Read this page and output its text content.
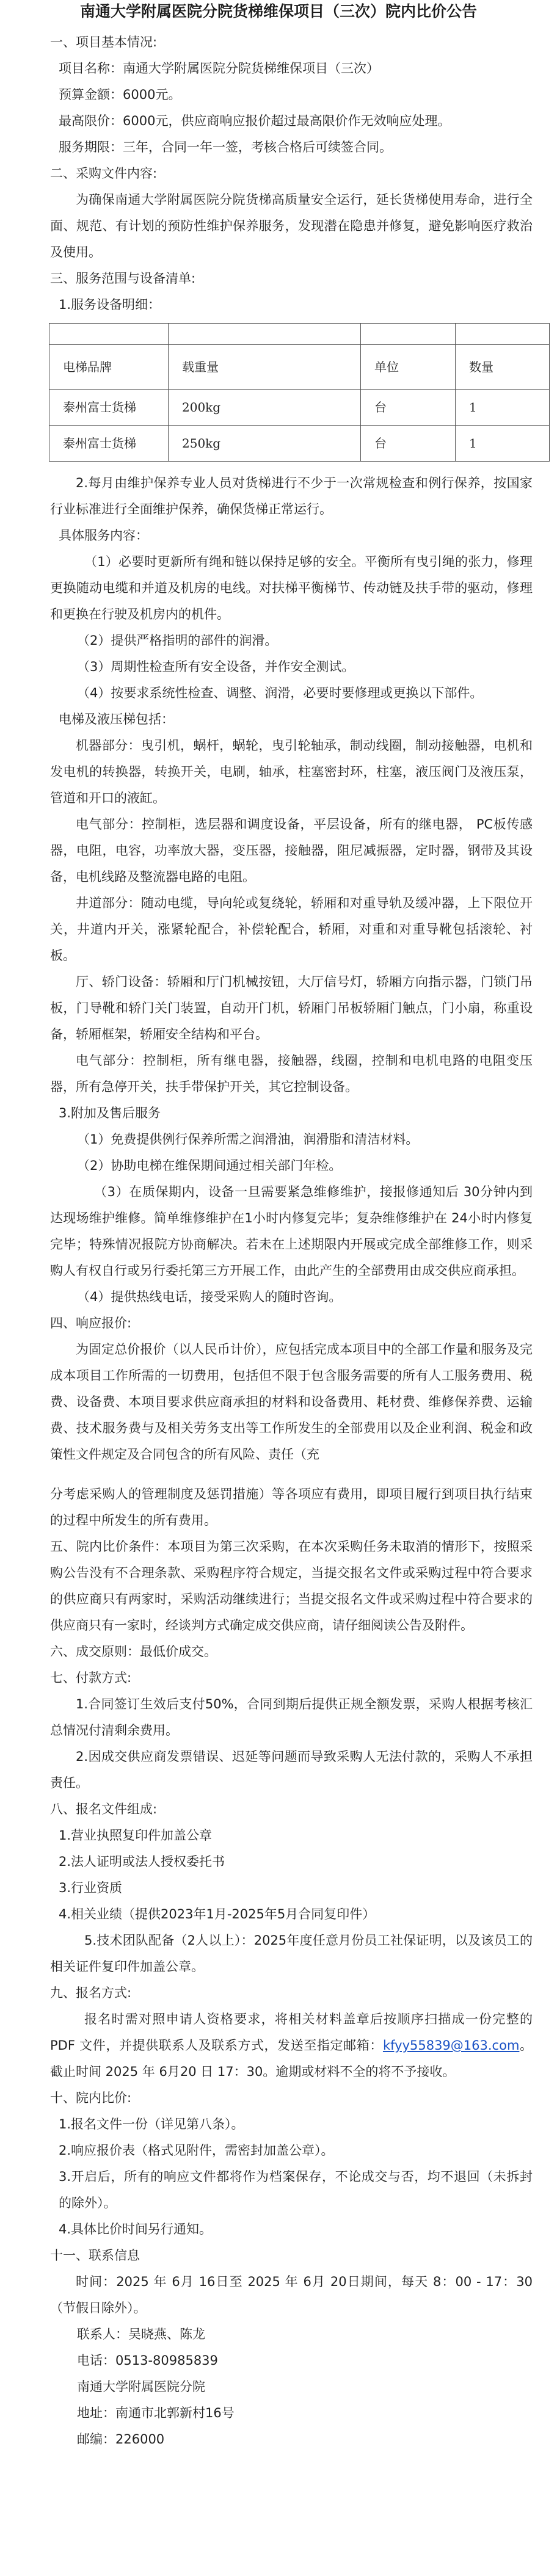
南通大学附属医院分院货梯维保项目（三次）院内比价公告

一、项目基本情况:

项目名称：南通大学附属医院分院货梯维保项目（三次）

预算金额：6000元。

最高限价：6000元，供应商响应报价超过最高限价作无效响应处理。

服务期限：三年，合同一年一签，考核合格后可续签合同。

二、采购文件内容:

为确保南通大学附属医院分院货梯高质量安全运行，延长货梯使用寿命，进行全面、规范、有计划的预防性维护保养服务，发现潜在隐患并修复，避免影响医疗救治及使用。

三、服务范围与设备清单:

1.服务设备明细：

电梯品牌	载重量	单位	数量
泰州富士货梯	200kg	台	1
泰州富士货梯	250kg	台	1

2.每月由维护保养专业人员对货梯进行不少于一次常规检查和例行保养，按国家行业标准进行全面维护保养，确保货梯正常运行。

具体服务内容：

（1）必要时更新所有绳和链以保持足够的安全。平衡所有曳引绳的张力，修理更换随动电缆和并道及机房的电线。对扶梯平衡梯节、传动链及扶手带的驱动，修理和更换在行驶及机房内的机件。

（2）提供严格指明的部件的润滑。

（3）周期性检查所有安全设备，并作安全测试。

（4）按要求系统性检查、调整、润滑，必要时要修理或更换以下部件。

电梯及液压梯包括：

机器部分：曳引机，蜗杆，蜗轮，曳引轮轴承，制动线圈，制动接触器，电机和发电机的转换器，转换开关，电刷，轴承，柱塞密封环，柱塞，液压阀门及液压泵，管道和开口的液缸。

电气部分：控制柜，选层器和调度设备，平层设备，所有的继电器， PC板传感器，电阻，电容，功率放大器，变压器，接触器，阻尼减振器，定时器，钢带及其设备，电机线路及整流器电路的电阻。

井道部分：随动电缆，导向轮或复绕轮，轿厢和对重导轨及缓冲器，上下限位开关，井道内开关，涨紧轮配合，补偿轮配合，轿厢，对重和对重导靴包括滚轮、衬板。

厅、轿门设备：轿厢和厅门机械按钮，大厅信号灯，轿厢方向指示器，门锁门吊板，门导靴和轿门关门装置，自动开门机，轿厢门吊板轿厢门触点，门小扇，称重设备，轿厢框架，轿厢安全结构和平台。

电气部分：控制柜，所有继电器，接触器，线圈，控制和电机电路的电阻变压器，所有急停开关，扶手带保护开关，其它控制设备。

3.附加及售后服务

（1）免费提供例行保养所需之润滑油，润滑脂和清洁材料。

（2）协助电梯在维保期间通过相关部门年检。

（3）在质保期内，设备一旦需要紧急维修维护，接报修通知后 30分钟内到达现场维护维修。简单维修维护在1小时内修复完毕；复杂维修维护在 24小时内修复完毕；特殊情况报院方协商解决。若未在上述期限内开展或完成全部维修工作，则采购人有权自行或另行委托第三方开展工作，由此产生的全部费用由成交供应商承担。

（4）提供热线电话，接受采购人的随时咨询。

四、响应报价:

为固定总价报价（以人民币计价），应包括完成本项目中的全部工作量和服务及完成本项目工作所需的一切费用，包括但不限于包含服务需要的所有人工服务费用、税费、设备费、本项目要求供应商承担的材料和设备费用、耗材费、维修保养费、运输费、技术服务费与及相关劳务支出等工作所发生的全部费用以及企业利润、税金和政策性文件规定及合同包含的所有风险、责任（充

分考虑采购人的管理制度及惩罚措施）等各项应有费用，即项目履行到项目执行结束的过程中所发生的所有费用。

五、院内比价条件：本项目为第三次采购，在本次采购任务未取消的情形下，按照采购公告没有不合理条款、采购程序符合规定，当提交报名文件或采购过程中符合要求的供应商只有两家时，采购活动继续进行；当提交报名文件或采购过程中符合要求的供应商只有一家时，经谈判方式确定成交供应商，请仔细阅读公告及附件。

六、成交原则：最低价成交。

七、付款方式:

1.合同签订生效后支付50%，合同到期后提供正规全额发票，采购人根据考核汇总情况付清剩余费用。

2.因成交供应商发票错误、迟延等问题而导致采购人无法付款的，采购人不承担责任。

八、报名文件组成:

1.营业执照复印件加盖公章

2.法人证明或法人授权委托书

3.行业资质

4.相关业绩（提供2023年1月-2025年5月合同复印件）

5.技术团队配备（2人以上）：2025年度任意月份员工社保证明，以及该员工的相关证件复印件加盖公章。

九、报名方式:

报名时需对照申请人资格要求，将相关材料盖章后按顺序扫描成一份完整的 PDF 文件，并提供联系人及联系方式，发送至指定邮箱：kfyy55839@163.com。截止时间 2025 年 6月20 日 17：30。逾期或材料不全的将不予接收。

十、院内比价:

1.报名文件一份（详见第八条）。

2.响应报价表（格式见附件，需密封加盖公章）。

3.开启后，所有的响应文件都将作为档案保存，不论成交与否，均不退回（未拆封的除外）。

4.具体比价时间另行通知。

十一、联系信息

时间：2025 年 6月 16日至 2025 年 6月 20日期间，每天 8：00 - 17：30（节假日除外）。

联系人：吴晓燕、陈龙

电话：0513-80985839

南通大学附属医院分院

地址：南通市北郭新村16号

邮编：226000
